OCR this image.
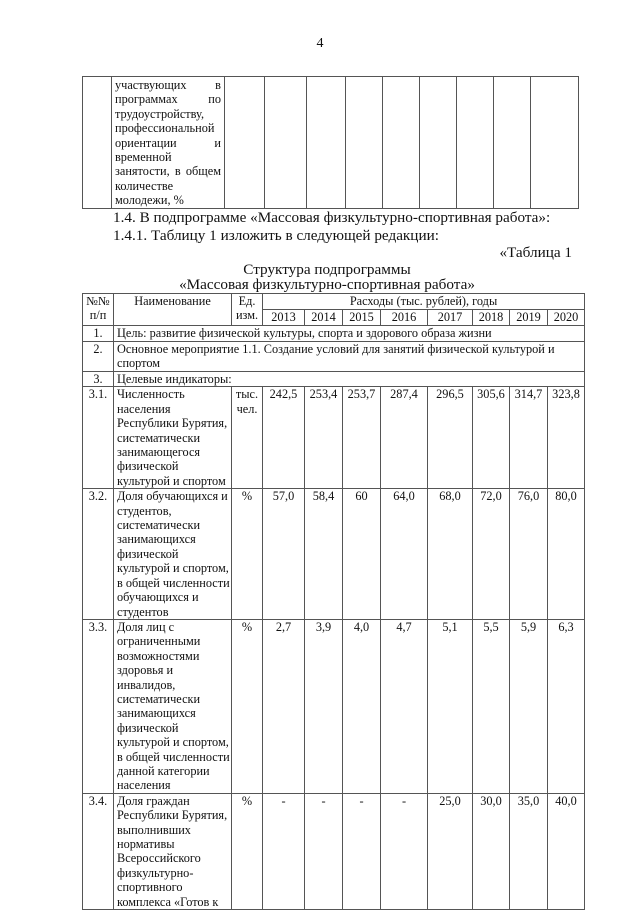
4

участвующих в
программах по
трудоустройству,
профессиональной
ориентации и
временной
занятости, в общем
количестве
молодежи, %

1.4. В подпрограмме «Массовая физкультурно-спортивная работа»:
1.4.1. Таблицу 1 изложить в следующей редакции:
«Таблица 1
Структура подпрограммы
«Массовая физкультурно-спортивная работа»
№№ п/п	Наименование	Ед. изм.	Расходы (тыс. рублей), годы							
			2013	2014	2015	2016	2017	2018	2019	2020
1.	Цель: развитие физической культуры, спорта и здорового образа жизни									
2.	Основное мероприятие 1.1. Создание условий для занятий физической культурой и спортом									
3.	Целевые индикаторы:									
3.1.	Численность населения Республики Бурятия, систематически занимающегося физической культурой и спортом	тыс. чел.	242,5	253,4	253,7	287,4	296,5	305,6	314,7	323,8
3.2.	Доля обучающихся и студентов, систематически занимающихся физической культурой и спортом, в общей численности обучающихся и студентов	%	57,0	58,4	60	64,0	68,0	72,0	76,0	80,0
3.3.	Доля лиц с ограниченными возможностями здоровья и инвалидов, систематически занимающихся физической культурой и спортом, в общей численности данной категории населения	%	2,7	3,9	4,0	4,7	5,1	5,5	5,9	6,3
3.4.	Доля граждан Республики Бурятия, выполнивших нормативы Всероссийского физкультурно-спортивного комплекса «Готов к	%	-	-	-	-	25,0	30,0	35,0	40,0
